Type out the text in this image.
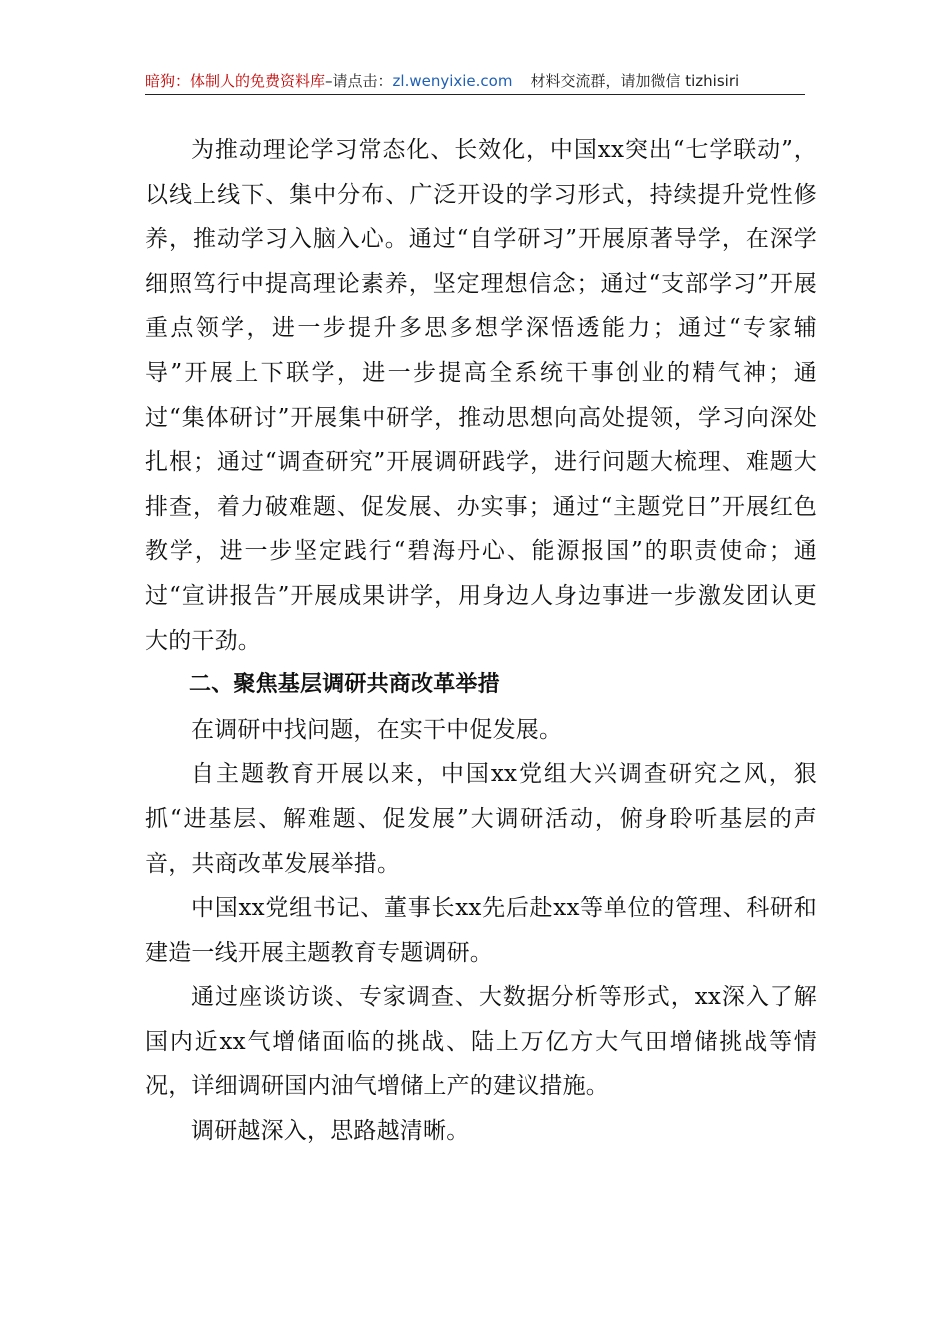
暗狗：体制人的免费资料库–请点击：zl.wenyixie.com 材料交流群，请加微信 tizhisiri

为推动理论学习常态化、长效化，中国xx突出“七学联动”，以线上线下、集中分布、广泛开设的学习形式，持续提升党性修养，推动学习入脑入心。通过“自学研习”开展原著导学，在深学细照笃行中提高理论素养，坚定理想信念；通过“支部学习”开展重点领学，进一步提升多思多想学深悟透能力；通过“专家辅导”开展上下联学，进一步提高全系统干事创业的精气神；通过“集体研讨”开展集中研学，推动思想向高处提领，学习向深处扎根；通过“调查研究”开展调研践学，进行问题大梳理、难题大排查，着力破难题、促发展、办实事；通过“主题党日”开展红色教学，进一步坚定践行“碧海丹心、能源报国”的职责使命；通过“宣讲报告”开展成果讲学，用身边人身边事进一步激发团认更大的干劲。

二、聚焦基层调研共商改革举措

在调研中找问题，在实干中促发展。

自主题教育开展以来，中国xx党组大兴调查研究之风，狠抓“进基层、解难题、促发展”大调研活动，俯身聆听基层的声音，共商改革发展举措。

中国xx党组书记、董事长xx先后赴xx等单位的管理、科研和建造一线开展主题教育专题调研。

通过座谈访谈、专家调查、大数据分析等形式，xx深入了解国内近xx气增储面临的挑战、陆上万亿方大气田增储挑战等情况，详细调研国内油气增储上产的建议措施。

调研越深入，思路越清晰。
